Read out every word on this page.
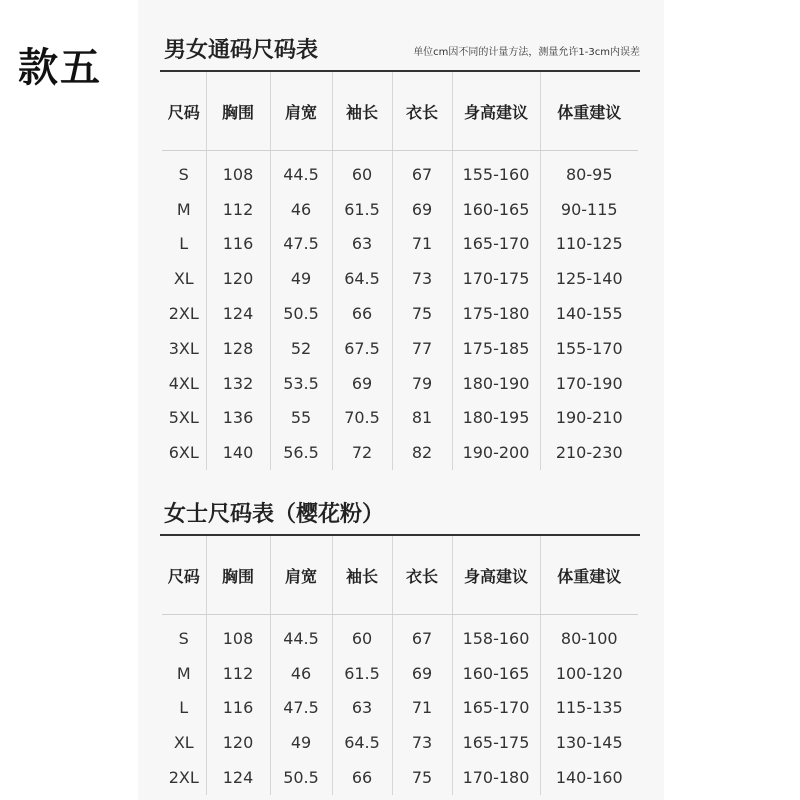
款五	男女通码尺码表	单位cm因不同的计量方法，测量允许1-3cm内误差
尺码	胸围	肩宽	袖长	衣长	身高建议	体重建议
S	108	44.5	60	67	155-160	80-95
M	112	46	61.5	69	160-165	90-115
L	116	47.5	63	71	165-170	110-125
XL	120	49	64.5	73	170-175	125-140
2XL	124	50.5	66	75	175-180	140-155
3XL	128	52	67.5	77	175-185	155-170
4XL	132	53.5	69	79	180-190	170-190
5XL	136	55	70.5	81	180-195	190-210
6XL	140	56.5	72	82	190-200	210-230
女士尺码表（樱花粉）
尺码	胸围	肩宽	袖长	衣长	身高建议	体重建议
S	108	44.5	60	67	158-160	80-100
M	112	46	61.5	69	160-165	100-120
L	116	47.5	63	71	165-170	115-135
XL	120	49	64.5	73	165-175	130-145
2XL	124	50.5	66	75	170-180	140-160
